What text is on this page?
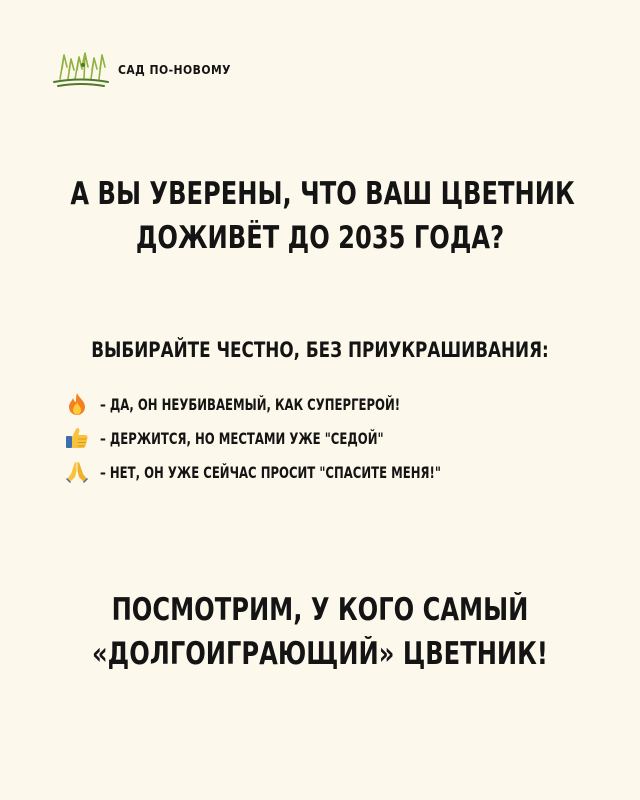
САД ПО-НОВОМУ
А ВЫ УВЕРЕНЫ, ЧТО ВАШ ЦВЕТНИК
ДОЖИВЁТ ДО 2035 ГОДА?
ВЫБИРАЙТЕ ЧЕСТНО, БЕЗ ПРИУКРАШИВАНИЯ:
– ДА, ОН НЕУБИВАЕМЫЙ, КАК СУПЕРГЕРОЙ!
– ДЕРЖИТСЯ, НО МЕСТАМИ УЖЕ "СЕДОЙ"
– НЕТ, ОН УЖЕ СЕЙЧАС ПРОСИТ "СПАСИТЕ МЕНЯ!"
ПОСМОТРИМ, У КОГО САМЫЙ
«ДОЛГОИГРАЮЩИЙ» ЦВЕТНИК!
